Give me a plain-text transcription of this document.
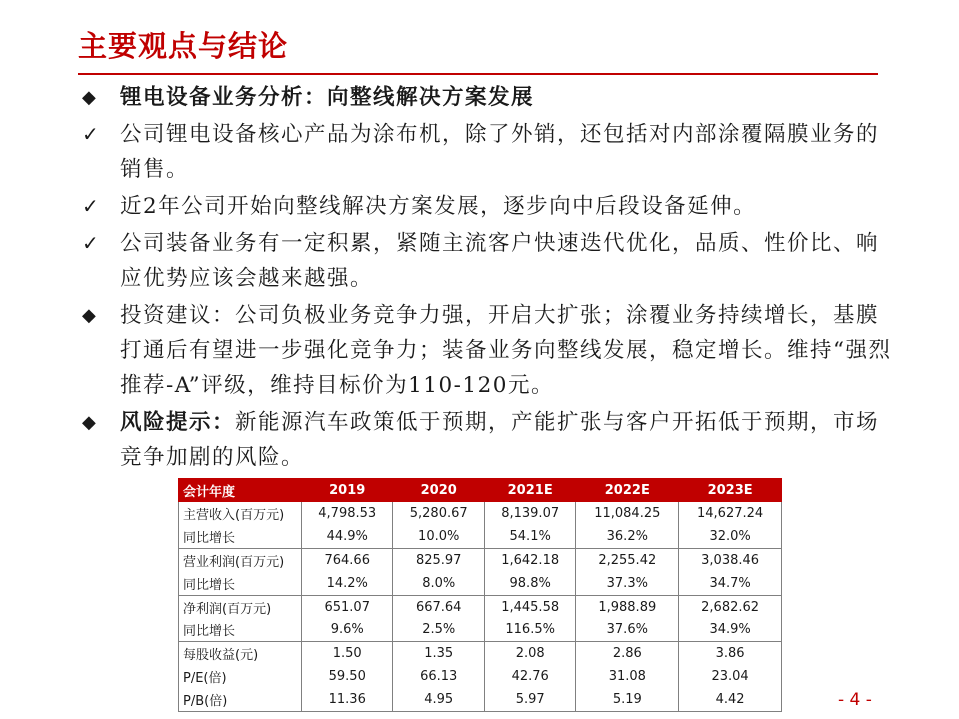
主要观点与结论
◆	锂电设备业务分析：向整线解决方案发展
✓ 公司锂电设备核心产品为涂布机，除了外销，还包括对内部涂覆隔膜业务的销售。
✓ 近2年公司开始向整线解决方案发展，逐步向中后段设备延伸。
✓ 公司装备业务有一定积累，紧随主流客户快速迭代优化，品质、性价比、响应优势应该会越来越强。
◆	投资建议：公司负极业务竞争力强，开启大扩张；涂覆业务持续增长，基膜打通后有望进一步强化竞争力；装备业务向整线发展，稳定增长。维持“强烈推荐-A”评级，维持目标价为110-120元。
◆	风险提示：新能源汽车政策低于预期，产能扩张与客户开拓低于预期，市场竞争加剧的风险。
会计年度	2019	2020	2021E	2022E	2023E
主营收入(百万元)	4,798.53	5,280.67	8,139.07	11,084.25	14,627.24
同比增长	44.9%	10.0%	54.1%	36.2%	32.0%
营业利润(百万元)	764.66	825.97	1,642.18	2,255.42	3,038.46
同比增长	14.2%	8.0%	98.8%	37.3%	34.7%
净利润(百万元)	651.07	667.64	1,445.58	1,988.89	2,682.62
同比增长	9.6%	2.5%	116.5%	37.6%	34.9%
每股收益(元)	1.50	1.35	2.08	2.86	3.86
P/E(倍)	59.50	66.13	42.76	31.08	23.04
P/B(倍)	11.36	4.95	5.97	5.19	4.42	- 4 -
